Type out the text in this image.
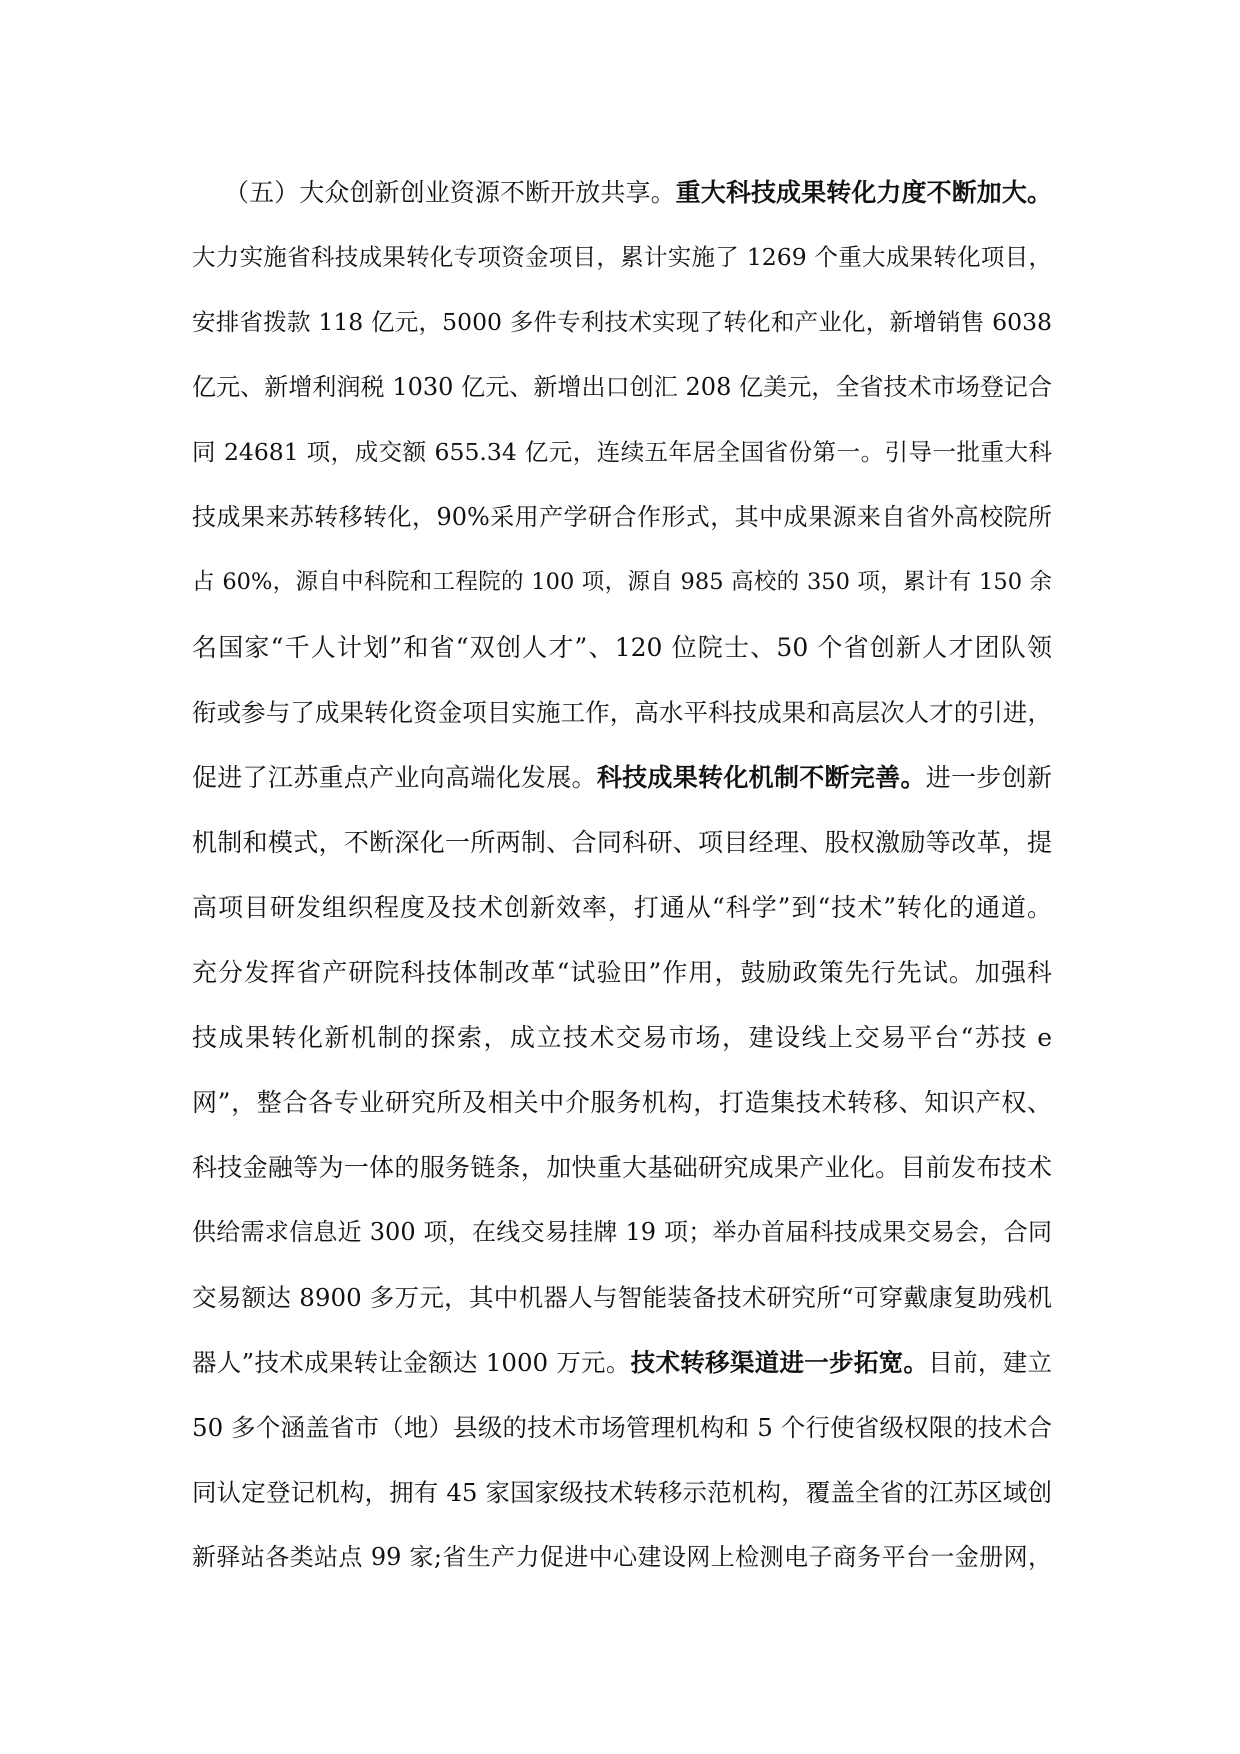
（五）大众创新创业资源不断开放共享。重大科技成果转化力度不断加大。
大力实施省科技成果转化专项资金项目，累计实施了 1269 个重大成果转化项目，
安排省拨款 118 亿元，5000 多件专利技术实现了转化和产业化，新增销售 6038
亿元、新增利润税 1030 亿元、新增出口创汇 208 亿美元，全省技术市场登记合
同 24681 项，成交额 655.34 亿元，连续五年居全国省份第一。引导一批重大科
技成果来苏转移转化，90%采用产学研合作形式，其中成果源来自省外高校院所
占 60%，源自中科院和工程院的 100 项，源自 985 高校的 350 项，累计有 150 余
名国家“千人计划”和省“双创人才”、120 位院士、50 个省创新人才团队领
衔或参与了成果转化资金项目实施工作，高水平科技成果和高层次人才的引进，
促进了江苏重点产业向高端化发展。科技成果转化机制不断完善。进一步创新
机制和模式，不断深化一所两制、合同科研、项目经理、股权激励等改革，提
高项目研发组织程度及技术创新效率，打通从“科学”到“技术”转化的通道。
充分发挥省产研院科技体制改革“试验田”作用，鼓励政策先行先试。加强科
技成果转化新机制的探索，成立技术交易市场，建设线上交易平台“苏技 e
网”，整合各专业研究所及相关中介服务机构，打造集技术转移、知识产权、
科技金融等为一体的服务链条，加快重大基础研究成果产业化。目前发布技术
供给需求信息近 300 项，在线交易挂牌 19 项；举办首届科技成果交易会，合同
交易额达 8900 多万元，其中机器人与智能装备技术研究所“可穿戴康复助残机
器人”技术成果转让金额达 1000 万元。技术转移渠道进一步拓宽。目前，建立
50 多个涵盖省市（地）县级的技术市场管理机构和 5 个行使省级权限的技术合
同认定登记机构，拥有 45 家国家级技术转移示范机构，覆盖全省的江苏区域创
新驿站各类站点 99 家;省生产力促进中心建设网上检测电子商务平台一金册网，
